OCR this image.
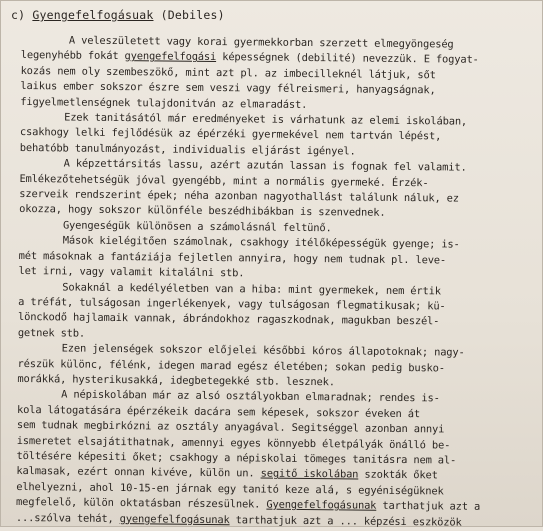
c) Gyengefelfogásuak (Debiles)
A veleszületett vagy korai gyermekkorban szerzett elmegyöngeség
legenyhébb fokát gyengefelfogási képességnek (debilité) nevezzük. E fogyat-
kozás nem oly szembeszökő, mint azt pl. az imbecilleknél látjuk, sőt
laikus ember sokszor észre sem veszi vagy félreismeri, hanyagságnak,
figyelmetlenségnek tulajdonitván az elmaradást.
Ezek tanitásától már eredményeket is várhatunk az elemi iskolában,
csakhogy lelki fejlődésük az épérzéki gyermekével nem tartván lépést,
behatóbb tanulmányozást, individualis eljárást igényel.
A képzettársitás lassu, azért azután lassan is fognak fel valamit.
Emlékezőtehetségük jóval gyengébb, mint a normális gyermeké. Érzék-
szerveik rendszerint épek; néha azonban nagyothallást találunk náluk, ez
okozza, hogy sokszor különféle beszédhibákban is szenvednek.
Gyengeségük különösen a számolásnál feltünő.
Mások kielégitően számolnak, csakhogy itélőképességük gyenge; is-
mét másoknak a fantáziája fejletlen annyira, hogy nem tudnak pl. leve-
let irni, vagy valamit kitalálni stb.
Sokaknál a kedélyéletben van a hiba: mint gyermekek, nem értik
a tréfát, tulságosan ingerlékenyek, vagy tulságosan flegmatikusak; kü-
lönckodő hajlamaik vannak, ábrándokhoz ragaszkodnak, magukban beszél-
getnek stb.
Ezen jelenségek sokszor előjelei későbbi kóros állapotoknak; nagy-
részük különc, félénk, idegen marad egész életében; sokan pedig busko-
morákká, hysterikusakká, idegbetegekké stb. lesznek.
A népiskolában már az alsó osztályokban elmaradnak; rendes is-
kola látogatására épérzékeik dacára sem képesek, sokszor éveken át
sem tudnak megbirkózni az osztály anyagával. Segitséggel azonban annyi
ismeretet elsajátithatnak, amennyi egyes könnyebb életpályák önálló be-
töltésére képesiti őket; csakhogy a népiskolai tömeges tanitásra nem al-
kalmasak, ezért onnan kivéve, külön un. segitő iskolában szokták őket
elhelyezni, ahol 10-15-en járnak egy tanitó keze alá, s egyéniségüknek
megfelelő, külön oktatásban részesülnek. Gyengefelfogásunak tarthatjuk azt a
...szólva tehát, gyengefelfogásunak tarthatjuk azt a ... képzési eszközök
